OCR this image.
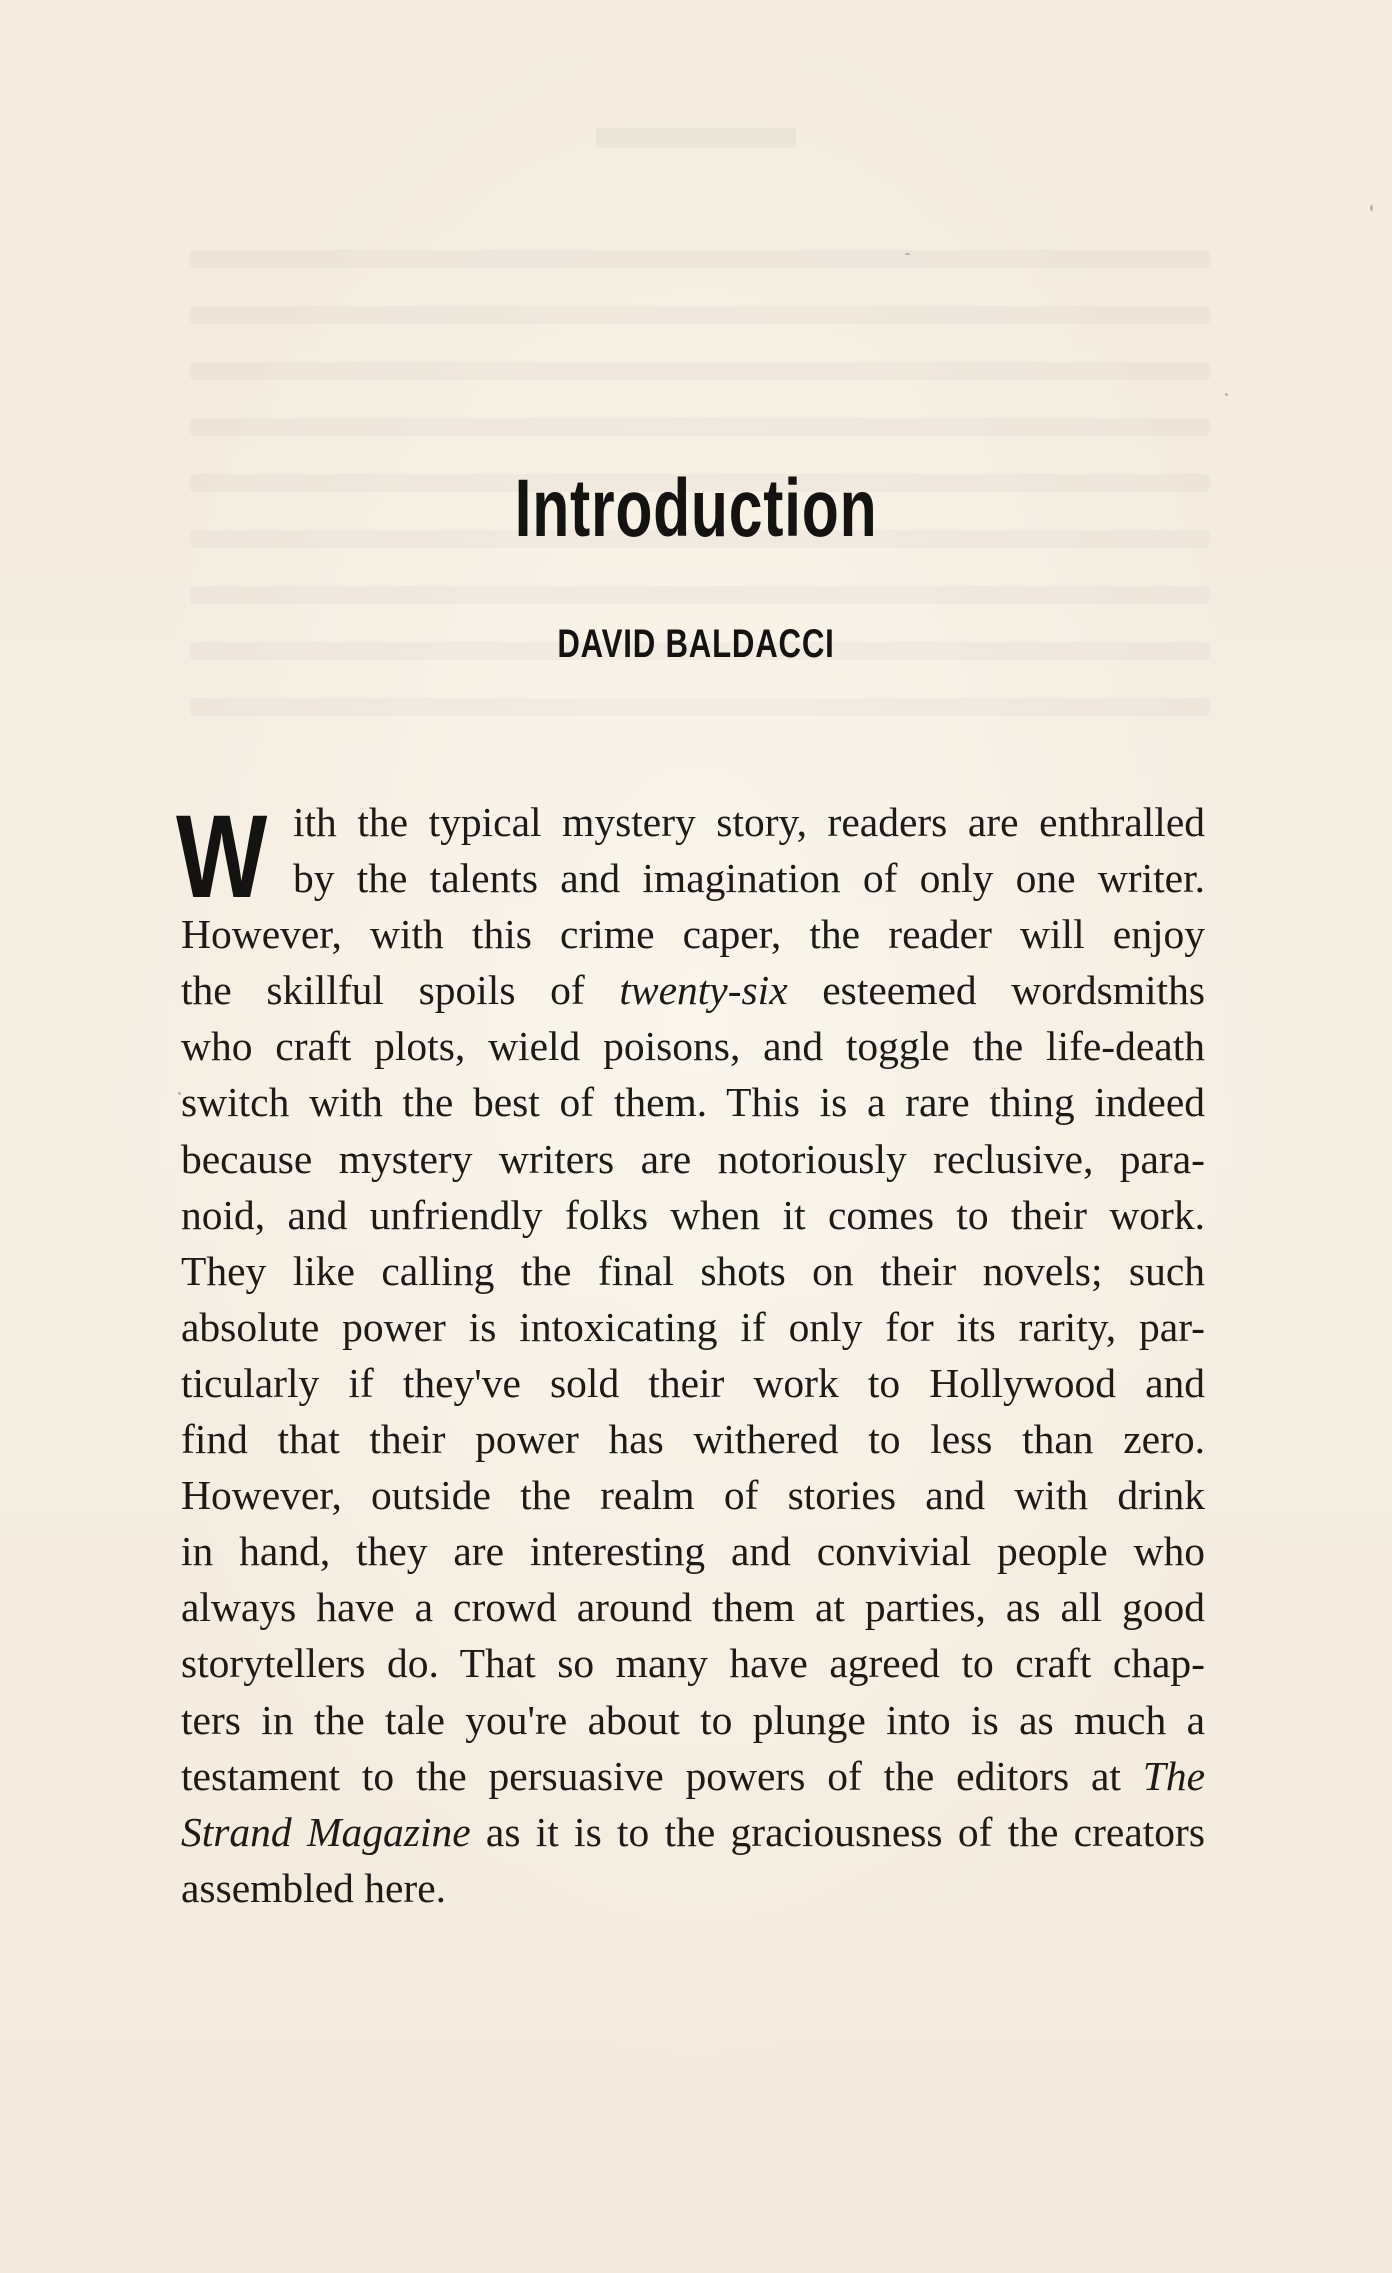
Introduction
DAVID BALDACCI
W ith the typical mystery story, readers are enthralled
by the talents and imagination of only one writer.
However, with this crime caper, the reader will enjoy
the skillful spoils of twenty-six esteemed wordsmiths
who craft plots, wield poisons, and toggle the life-death
switch with the best of them. This is a rare thing indeed
because mystery writers are notoriously reclusive, para-
noid, and unfriendly folks when it comes to their work.
They like calling the final shots on their novels; such
absolute power is intoxicating if only for its rarity, par-
ticularly if they've sold their work to Hollywood and
find that their power has withered to less than zero.
However, outside the realm of stories and with drink
in hand, they are interesting and convivial people who
always have a crowd around them at parties, as all good
storytellers do. That so many have agreed to craft chap-
ters in the tale you're about to plunge into is as much a
testament to the persuasive powers of the editors at The
Strand Magazine as it is to the graciousness of the creators
assembled here.
